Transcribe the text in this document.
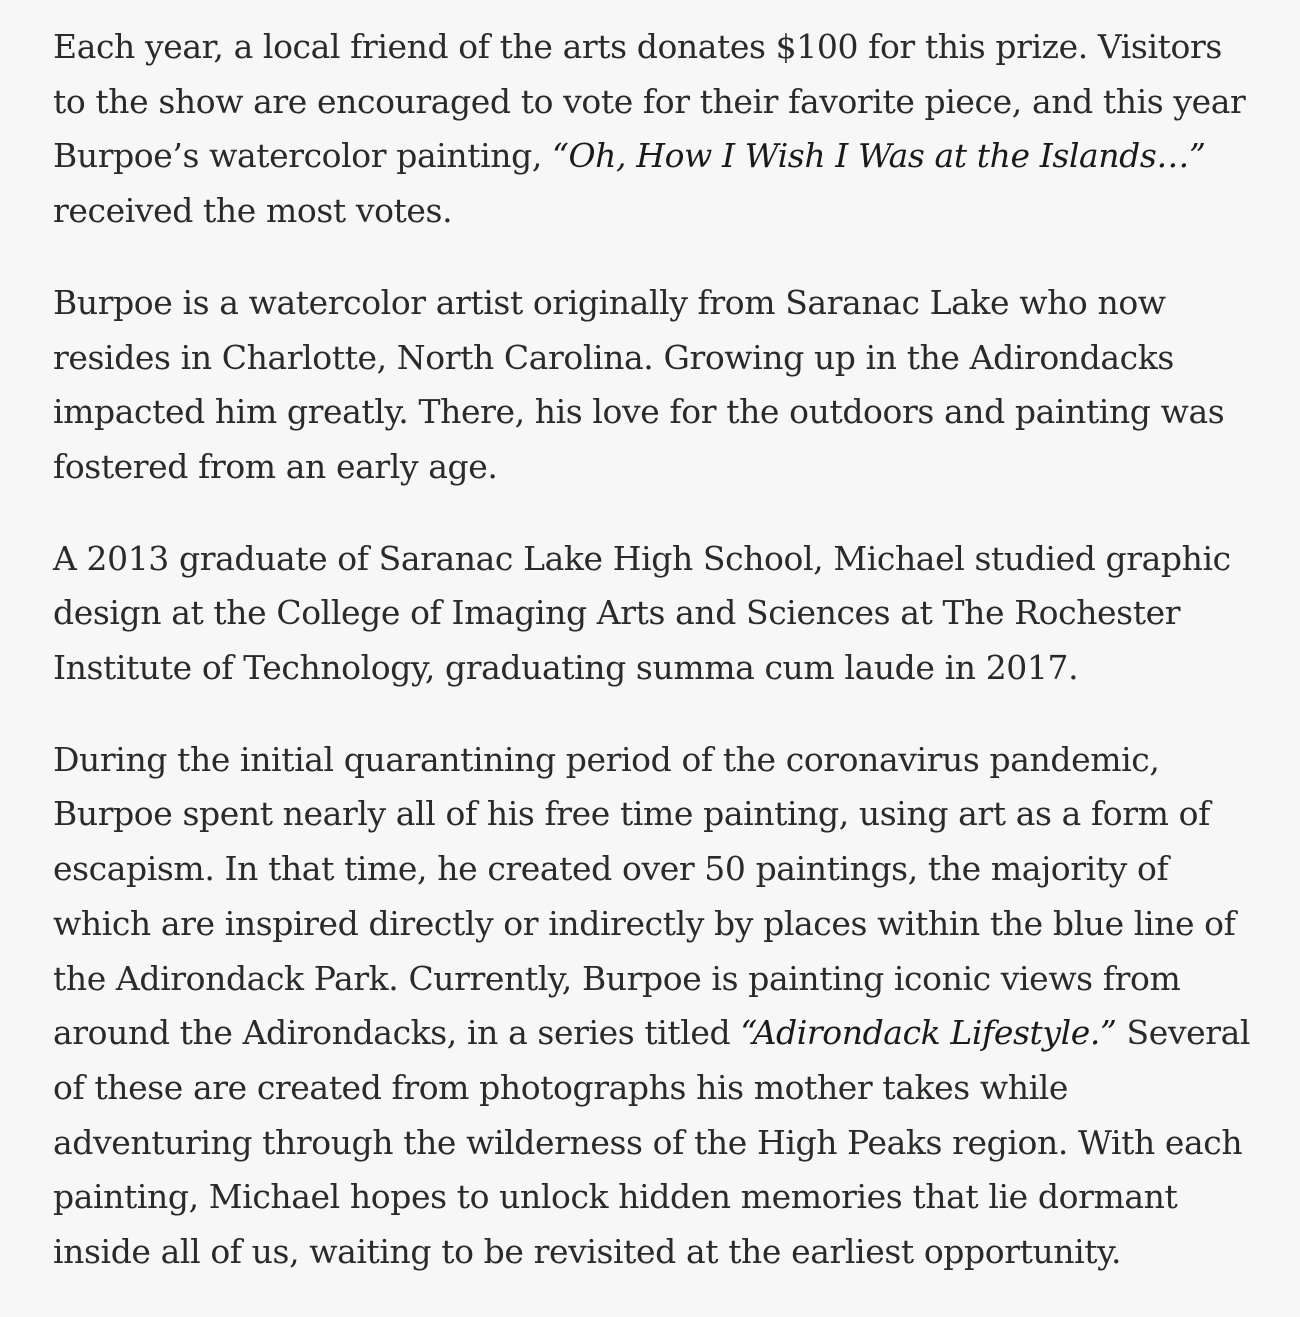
Each year, a local friend of the arts donates $100 for this prize. Visitors
to the show are encouraged to vote for their favorite piece, and this year
Burpoe’s watercolor painting, “Oh, How I Wish I Was at the Islands…”
received the most votes.

Burpoe is a watercolor artist originally from Saranac Lake who now
resides in Charlotte, North Carolina. Growing up in the Adirondacks
impacted him greatly. There, his love for the outdoors and painting was
fostered from an early age.

A 2013 graduate of Saranac Lake High School, Michael studied graphic
design at the College of Imaging Arts and Sciences at The Rochester
Institute of Technology, graduating summa cum laude in 2017.

During the initial quarantining period of the coronavirus pandemic,
Burpoe spent nearly all of his free time painting, using art as a form of
escapism. In that time, he created over 50 paintings, the majority of
which are inspired directly or indirectly by places within the blue line of
the Adirondack Park. Currently, Burpoe is painting iconic views from
around the Adirondacks, in a series titled “Adirondack Lifestyle.” Several
of these are created from photographs his mother takes while
adventuring through the wilderness of the High Peaks region. With each
painting, Michael hopes to unlock hidden memories that lie dormant
inside all of us, waiting to be revisited at the earliest opportunity.
